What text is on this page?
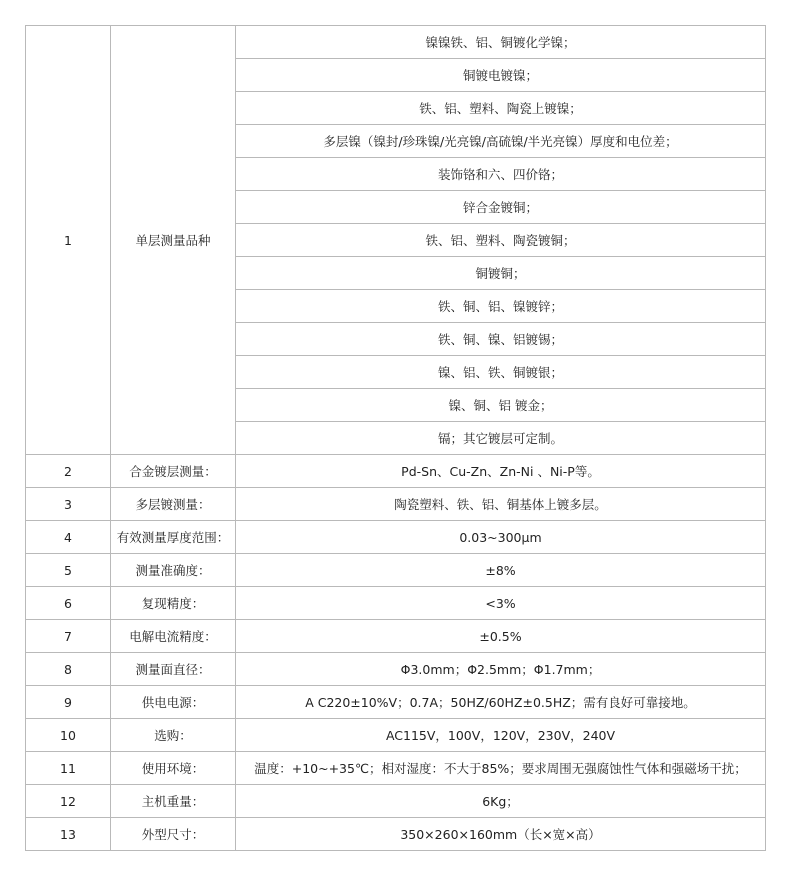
1	单层测量品种	镍镍铁、铝、铜镀化学镍；
		铜镀电镀镍；
		铁、铝、塑料、陶瓷上镀镍；
		多层镍（镍封/珍珠镍/光亮镍/高硫镍/半光亮镍）厚度和电位差；
		装饰铬和六、四价铬；
		锌合金镀铜；
		铁、铝、塑料、陶瓷镀铜；
		铜镀铜；
		铁、铜、铝、镍镀锌；
		铁、铜、镍、铝镀锡；
		镍、铝、铁、铜镀银；
		镍、铜、铝 镀金；
		镉；其它镀层可定制。
2	合金镀层测量：	Pd-Sn、Cu-Zn、Zn-Ni 、Ni-P等。
3	多层镀测量：	陶瓷塑料、铁、铝、铜基体上镀多层。
4	有效测量厚度范围：	0.03~300μm
5	测量准确度：	±8%
6	复现精度：	<3%
7	电解电流精度：	±0.5%
8	测量面直径：	Φ3.0mm；Φ2.5mm；Φ1.7mm；
9	供电电源：	A C220±10%V；0.7A；50HZ/60HZ±0.5HZ；需有良好可靠接地。
10	选购：	AC115V，100V，120V，230V，240V
11	使用环境：	温度：+10~+35℃；相对湿度：不大于85%；要求周围无强腐蚀性气体和强磁场干扰；
12	主机重量：	6Kg；
13	外型尺寸：	350×260×160mm（长×宽×高）
